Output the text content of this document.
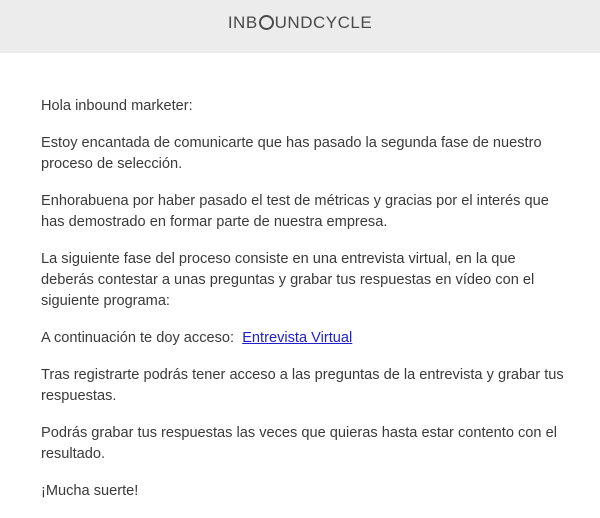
INB UNDCYCLE

Hola inbound marketer:

Estoy encantada de comunicarte que has pasado la segunda fase de nuestro proceso de selección.

Enhorabuena por haber pasado el test de métricas y gracias por el interés que has demostrado en formar parte de nuestra empresa.

La siguiente fase del proceso consiste en una entrevista virtual, en la que deberás contestar a unas preguntas y grabar tus respuestas en vídeo con el siguiente programa:

A continuación te doy acceso: Entrevista Virtual

Tras registrarte podrás tener acceso a las preguntas de la entrevista y grabar tus respuestas.

Podrás grabar tus respuestas las veces que quieras hasta estar contento con el resultado.

¡Mucha suerte!
